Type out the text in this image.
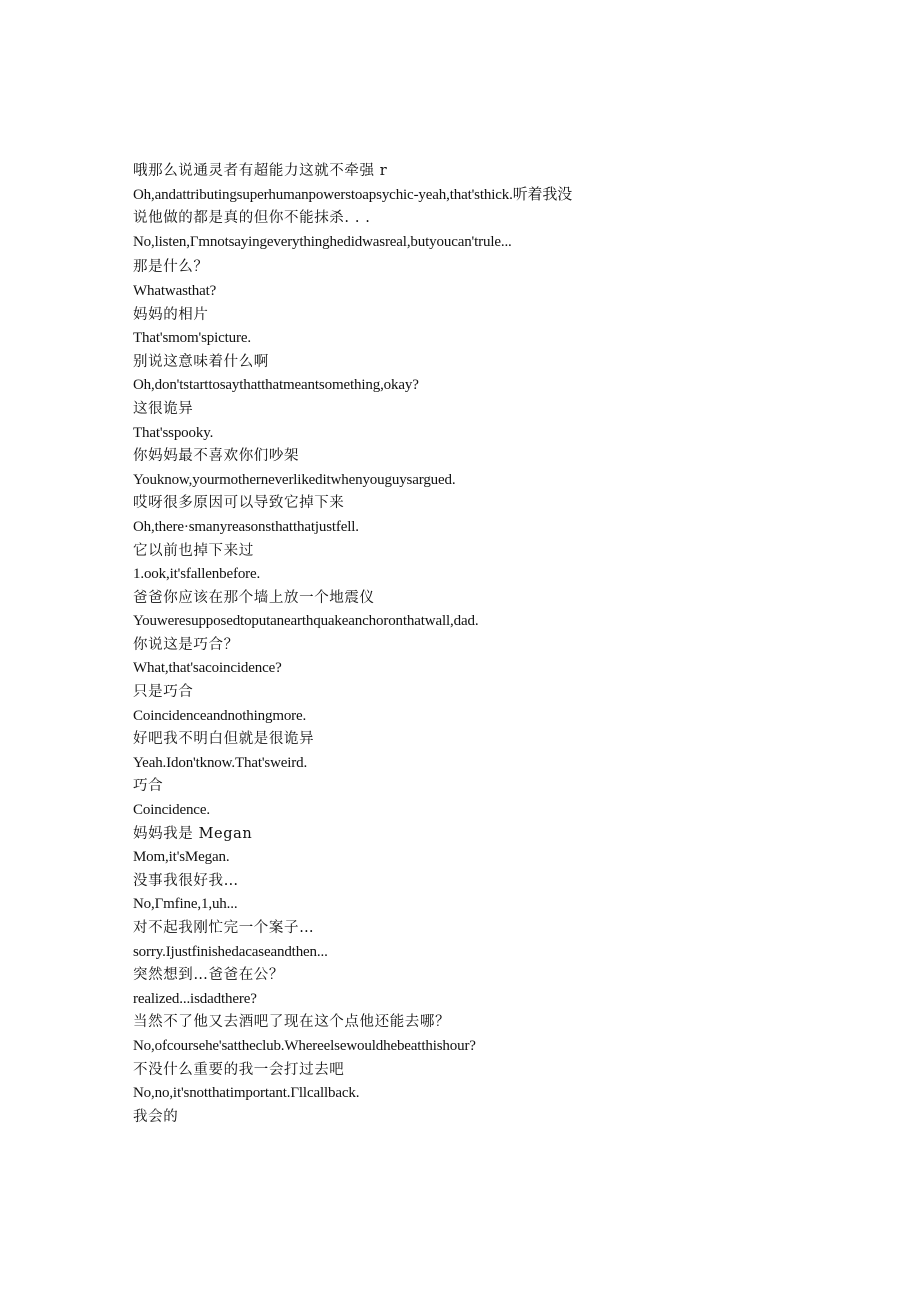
哦那么说通灵者有超能力这就不牵强 r
Oh,andattributingsuperhumanpowerstoapsychic-yeah,that'sthick.听着我没
说他做的都是真的但你不能抹杀. . .
No,listen,Γmnotsayingeverythinghedidwasreal,butyoucan'trule...
那是什么？
Whatwasthat?
妈妈的相片
That'smom'spicture.
别说这意味着什么啊
Oh,don'tstarttosaythatthatmeantsomething,okay?
这很诡异
That'sspooky.
你妈妈最不喜欢你们吵架
Youknow,yourmotherneverlikeditwhenyouguysargued.
哎呀很多原因可以导致它掉下来
Oh,there·smanyreasonsthatthatjustfell.
它以前也掉下来过
1.ook,it'sfallenbefore.
爸爸你应该在那个墙上放一个地震仪
Youweresupposedtoputanearthquakeanchoronthatwall,dad.
你说这是巧合？
What,that'sacoincidence?
只是巧合
Coincidenceandnothingmore.
好吧我不明白但就是很诡异
Yeah.Idon'tknow.That'sweird.
巧合
Coincidence.
妈妈我是 Megan
Mom,it'sMegan.
没事我很好我…
No,Γmfine,1,uh...
对不起我刚忙完一个案子…
sorry.Ijustfinishedacaseandthen...
突然想到…爸爸在公？
realized...isdadthere?
当然不了他又去酒吧了现在这个点他还能去哪？
No,ofcoursehe'sattheclub.Whereelsewouldhebeatthishour?
不没什么重要的我一会打过去吧
No,no,it'snotthatimportant.Γllcallback.
我会的
